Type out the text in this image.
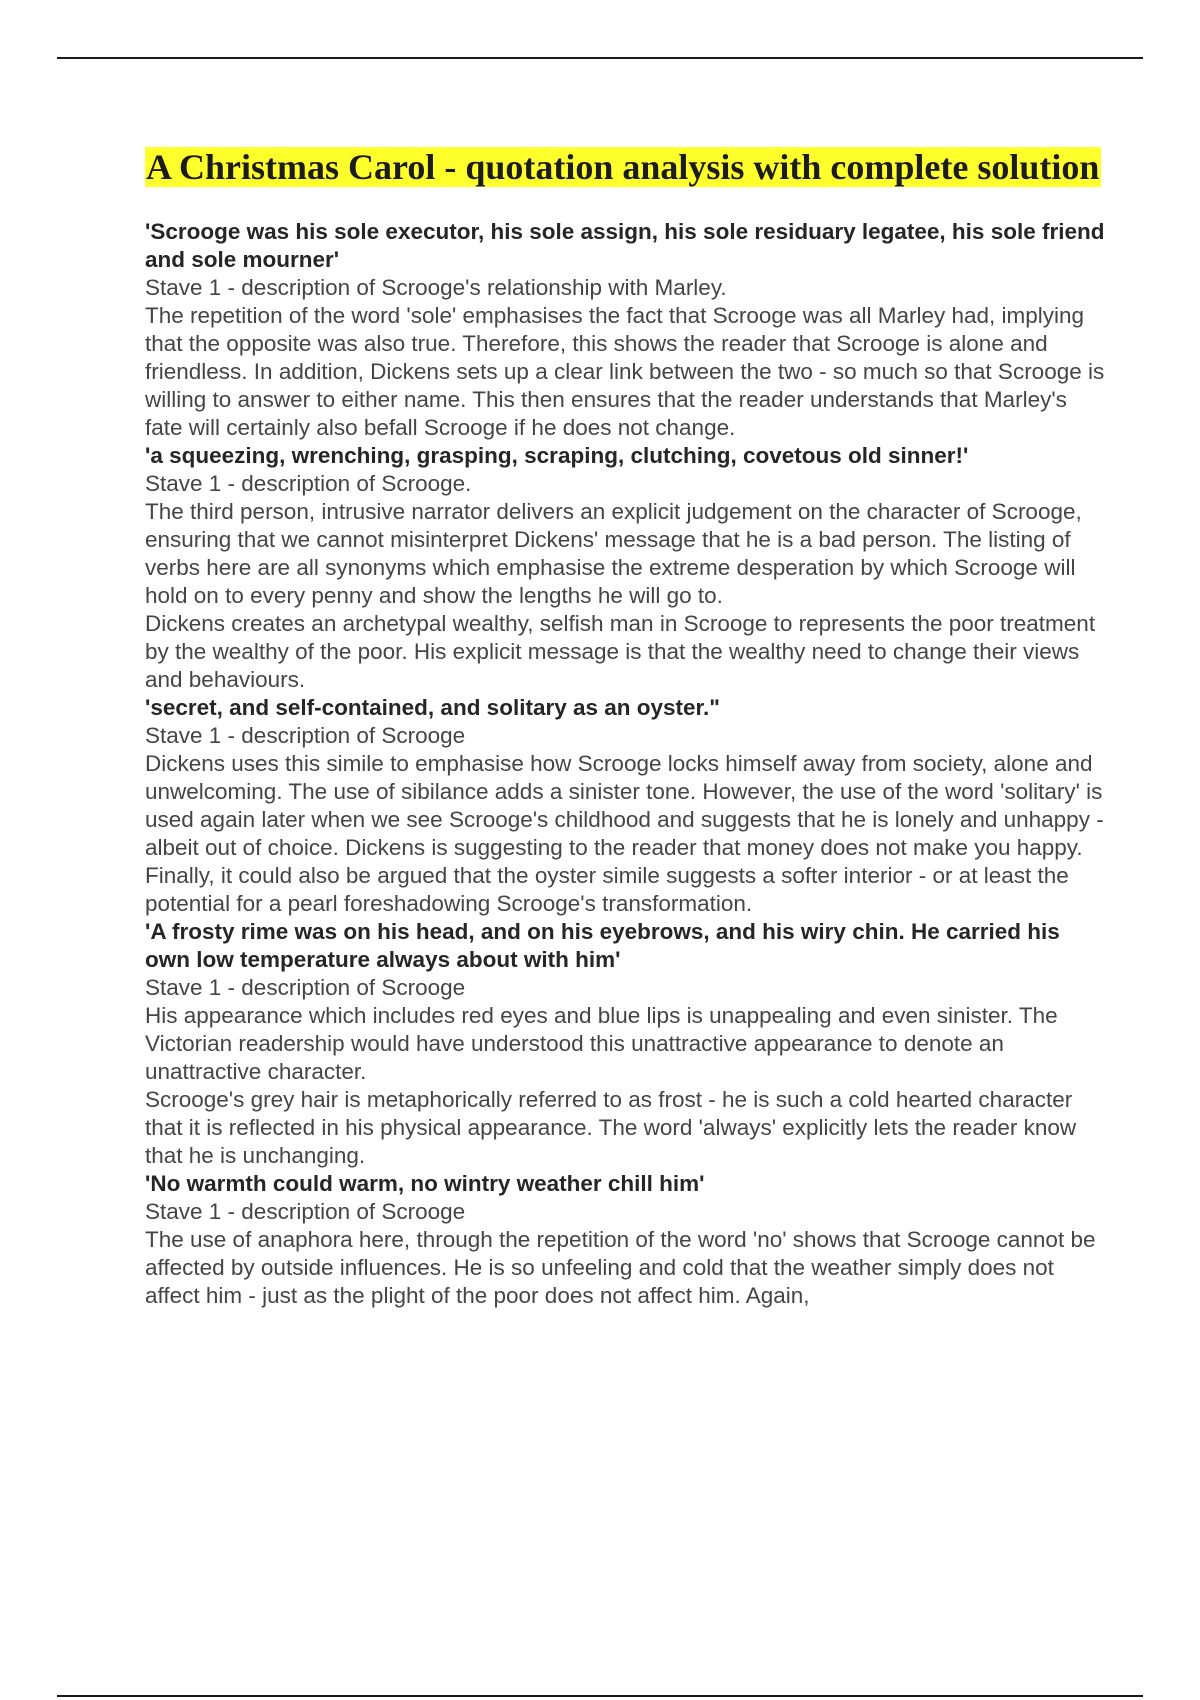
A Christmas Carol - quotation analysis with complete solution

'Scrooge was his sole executor, his sole assign, his sole residuary legatee, his sole friend and sole mourner'

Stave 1 - description of Scrooge's relationship with Marley.

The repetition of the word 'sole' emphasises the fact that Scrooge was all Marley had, implying that the opposite was also true. Therefore, this shows the reader that Scrooge is alone and friendless. In addition, Dickens sets up a clear link between the two - so much so that Scrooge is willing to answer to either name. This then ensures that the reader understands that Marley's fate will certainly also befall Scrooge if he does not change.

'a squeezing, wrenching, grasping, scraping, clutching, covetous old sinner!'

Stave 1 - description of Scrooge.

The third person, intrusive narrator delivers an explicit judgement on the character of Scrooge, ensuring that we cannot misinterpret Dickens' message that he is a bad person. The listing of verbs here are all synonyms which emphasise the extreme desperation by which Scrooge will hold on to every penny and show the lengths he will go to.

Dickens creates an archetypal wealthy, selfish man in Scrooge to represents the poor treatment by the wealthy of the poor. His explicit message is that the wealthy need to change their views and behaviours.

'secret, and self-contained, and solitary as an oyster."

Stave 1 - description of Scrooge

Dickens uses this simile to emphasise how Scrooge locks himself away from society, alone and unwelcoming. The use of sibilance adds a sinister tone. However, the use of the word 'solitary' is used again later when we see Scrooge's childhood and suggests that he is lonely and unhappy -albeit out of choice. Dickens is suggesting to the reader that money does not make you happy.

Finally, it could also be argued that the oyster simile suggests a softer interior - or at least the potential for a pearl foreshadowing Scrooge's transformation.

'A frosty rime was on his head, and on his eyebrows, and his wiry chin. He carried his own low temperature always about with him'

Stave 1 - description of Scrooge

His appearance which includes red eyes and blue lips is unappealing and even sinister. The Victorian readership would have understood this unattractive appearance to denote an unattractive character.

Scrooge's grey hair is metaphorically referred to as frost - he is such a cold hearted character that it is reflected in his physical appearance. The word 'always' explicitly lets the reader know that he is unchanging.

'No warmth could warm, no wintry weather chill him'

Stave 1 - description of Scrooge

The use of anaphora here, through the repetition of the word 'no' shows that Scrooge cannot be affected by outside influences. He is so unfeeling and cold that the weather simply does not affect him - just as the plight of the poor does not affect him. Again,
